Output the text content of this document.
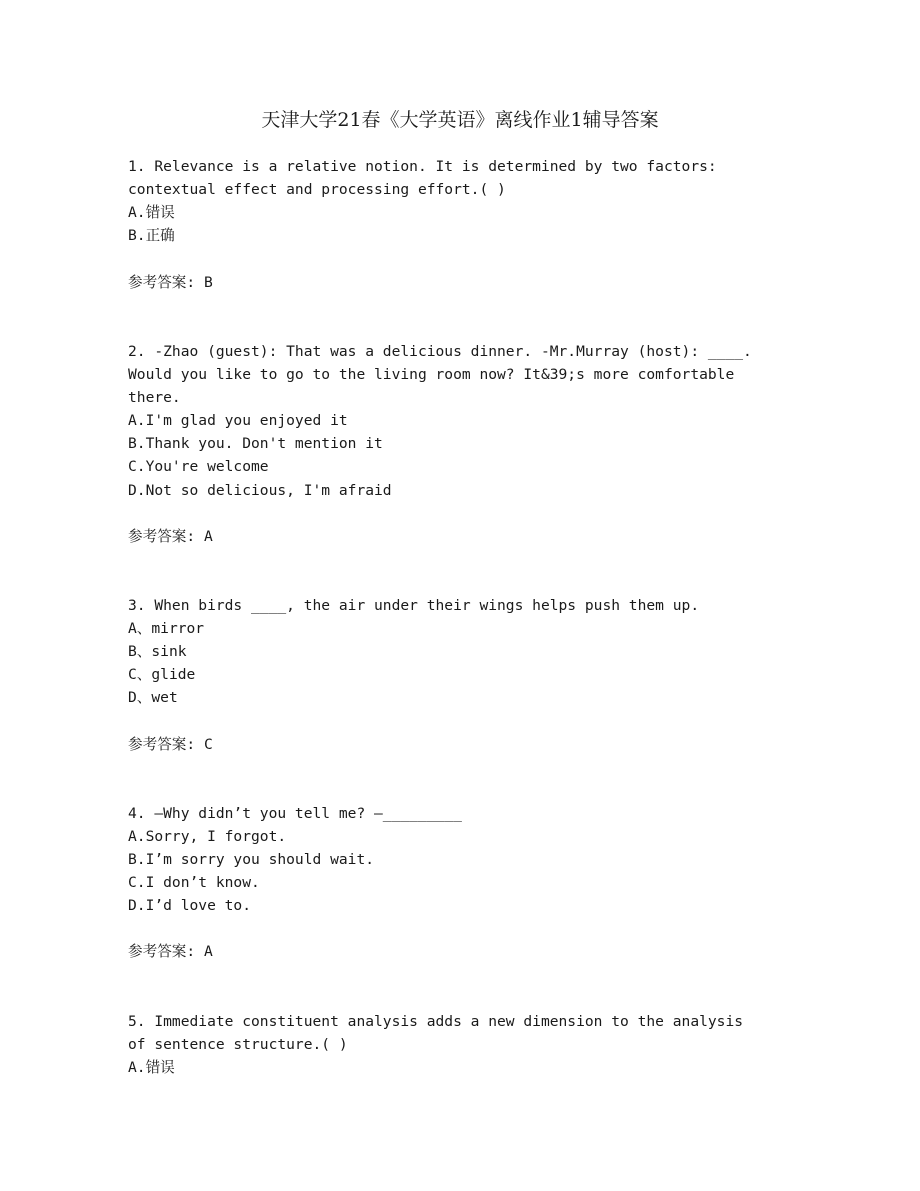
天津大学21春《大学英语》离线作业1辅导答案
1. Relevance is a relative notion. It is determined by two factors:
contextual effect and processing effort.( )
A.错误
B.正确
参考答案: B
2. -Zhao (guest): That was a delicious dinner. -Mr.Murray (host): ____.
Would you like to go to the living room now? It&39;s more comfortable
there.
A.I'm glad you enjoyed it
B.Thank you. Don't mention it
C.You're welcome
D.Not so delicious, I'm afraid
参考答案: A
3. When birds ____, the air under their wings helps push them up.
A、mirror
B、sink
C、glide
D、wet
参考答案: C
4. —Why didn’t you tell me? —_________
A.Sorry, I forgot.
B.I’m sorry you should wait.
C.I don’t know.
D.I’d love to.
参考答案: A
5. Immediate constituent analysis adds a new dimension to the analysis
of sentence structure.( )
A.错误
